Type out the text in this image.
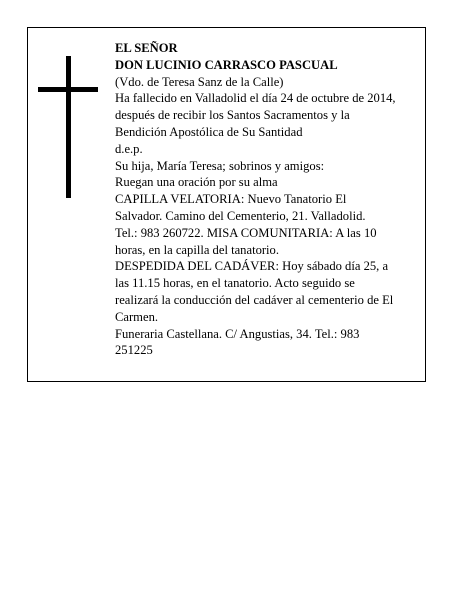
EL SEÑOR
DON LUCINIO CARRASCO PASCUAL
(Vdo. de Teresa Sanz de la Calle)
Ha fallecido en Valladolid el día 24 de octubre de 2014,
después de recibir los Santos Sacramentos y la
Bendición Apostólica de Su Santidad
d.e.p.
Su hija, María Teresa; sobrinos y amigos:
Ruegan una oración por su alma
CAPILLA VELATORIA: Nuevo Tanatorio El
Salvador. Camino del Cementerio, 21. Valladolid.
Tel.: 983 260722. MISA COMUNITARIA: A las 10
horas, en la capilla del tanatorio.
DESPEDIDA DEL CADÁVER: Hoy sábado día 25, a
las 11.15 horas, en el tanatorio. Acto seguido se
realizará la conducción del cadáver al cementerio de El
Carmen.
Funeraria Castellana. C/ Angustias, 34. Tel.: 983
251225
